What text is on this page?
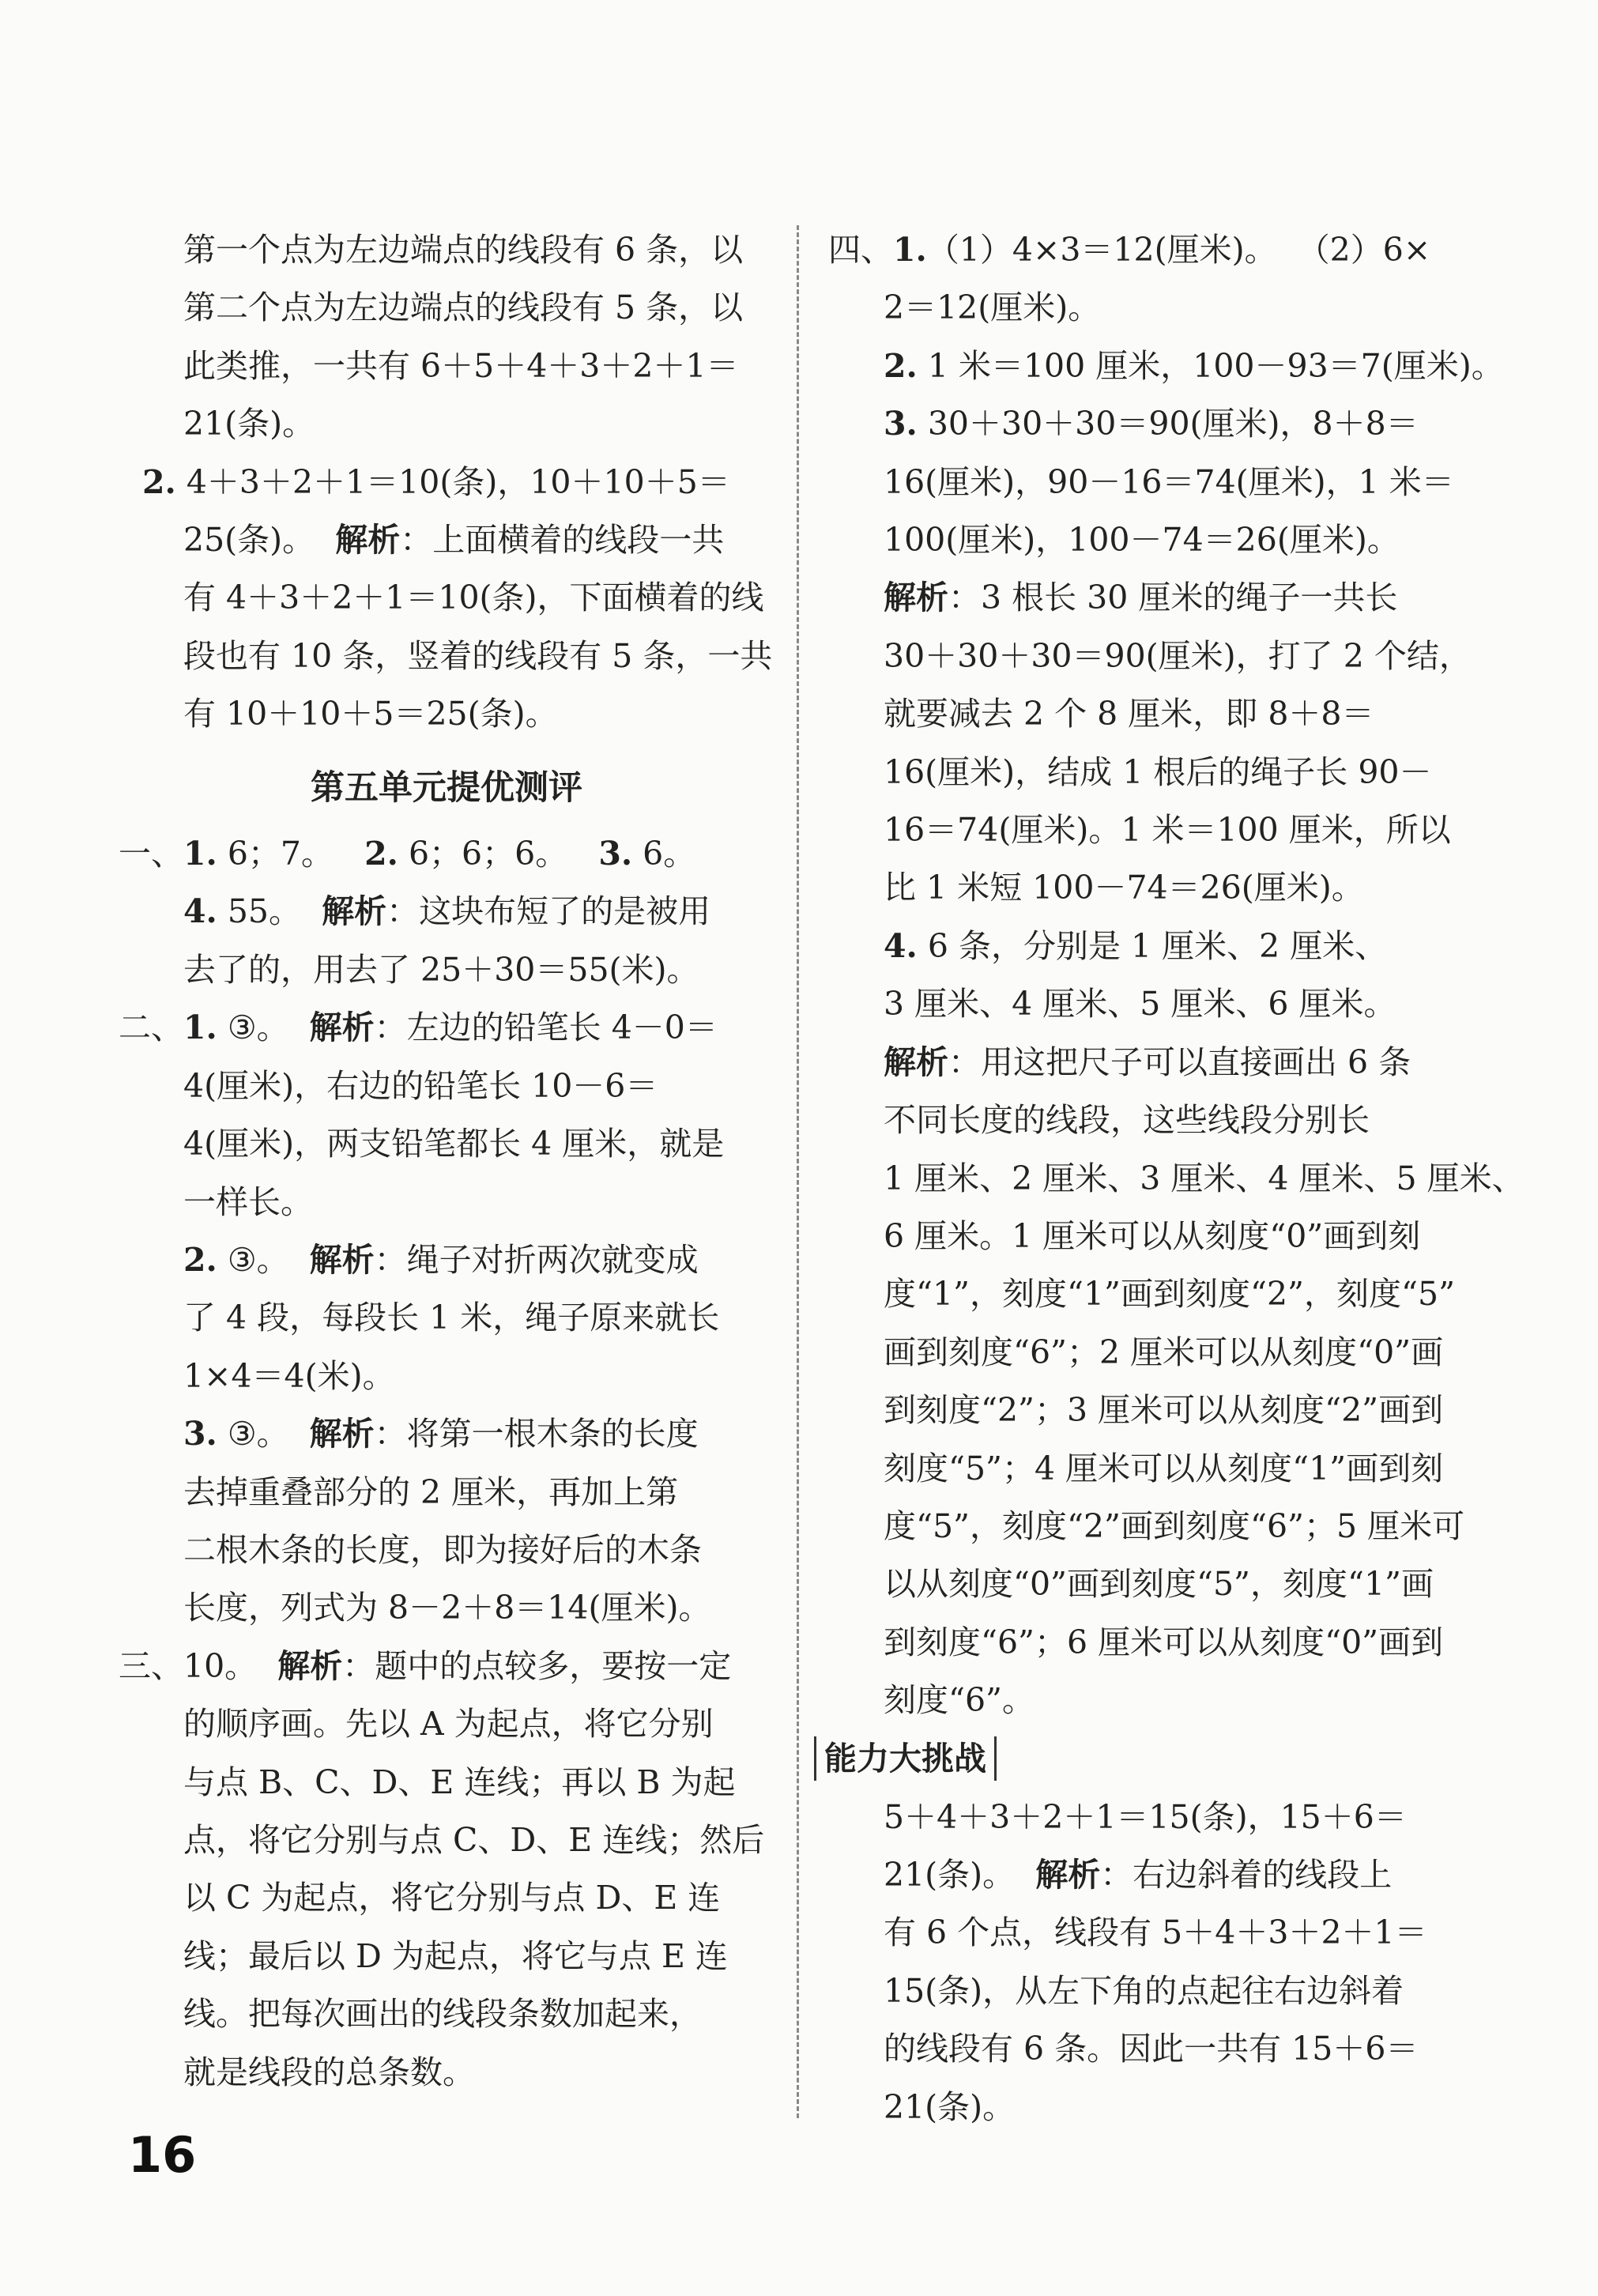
第一个点为左边端点的线段有 6 条，以
第二个点为左边端点的线段有 5 条，以
此类推，一共有 6＋5＋4＋3＋2＋1＝
21(条)。
2. 4＋3＋2＋1＝10(条)，10＋10＋5＝
25(条)。  解析：上面横着的线段一共
有 4＋3＋2＋1＝10(条)，下面横着的线
段也有 10 条，竖着的线段有 5 条，一共
有 10＋10＋5＝25(条)。
第五单元提优测评
一、1. 6；7。   2. 6；6；6。   3. 6。
4. 55。  解析：这块布短了的是被用
去了的，用去了 25＋30＝55(米)。
二、1. ③。  解析：左边的铅笔长 4－0＝
4(厘米)，右边的铅笔长 10－6＝
4(厘米)，两支铅笔都长 4 厘米，就是
一样长。
2. ③。  解析：绳子对折两次就变成
了 4 段，每段长 1 米，绳子原来就长
1×4＝4(米)。
3. ③。  解析：将第一根木条的长度
去掉重叠部分的 2 厘米，再加上第
二根木条的长度，即为接好后的木条
长度，列式为 8－2＋8＝14(厘米)。
三、10。  解析：题中的点较多，要按一定
的顺序画。先以 A 为起点，将它分别
与点 B、C、D、E 连线；再以 B 为起
点，将它分别与点 C、D、E 连线；然后
以 C 为起点，将它分别与点 D、E 连
线；最后以 D 为起点，将它与点 E 连
线。把每次画出的线段条数加起来，
就是线段的总条数。
四、1.（1）4×3＝12(厘米)。  （2）6×
2＝12(厘米)。
2. 1 米＝100 厘米，100－93＝7(厘米)。
3. 30＋30＋30＝90(厘米)，8＋8＝
16(厘米)，90－16＝74(厘米)，1 米＝
100(厘米)，100－74＝26(厘米)。
解析：3 根长 30 厘米的绳子一共长
30＋30＋30＝90(厘米)，打了 2 个结，
就要减去 2 个 8 厘米，即 8＋8＝
16(厘米)，结成 1 根后的绳子长 90－
16＝74(厘米)。1 米＝100 厘米，所以
比 1 米短 100－74＝26(厘米)。
4. 6 条，分别是 1 厘米、2 厘米、
3 厘米、4 厘米、5 厘米、6 厘米。
解析：用这把尺子可以直接画出 6 条
不同长度的线段，这些线段分别长
1 厘米、2 厘米、3 厘米、4 厘米、5 厘米、
6 厘米。1 厘米可以从刻度“0”画到刻
度“1”，刻度“1”画到刻度“2”，刻度“5”
画到刻度“6”；2 厘米可以从刻度“0”画
到刻度“2”；3 厘米可以从刻度“2”画到
刻度“5”；4 厘米可以从刻度“1”画到刻
度“5”，刻度“2”画到刻度“6”；5 厘米可
以从刻度“0”画到刻度“5”，刻度“1”画
到刻度“6”；6 厘米可以从刻度“0”画到
刻度“6”。
能力大挑战
5＋4＋3＋2＋1＝15(条)，15＋6＝
21(条)。  解析：右边斜着的线段上
有 6 个点，线段有 5＋4＋3＋2＋1＝
15(条)，从左下角的点起往右边斜着
的线段有 6 条。因此一共有 15＋6＝
21(条)。
16
